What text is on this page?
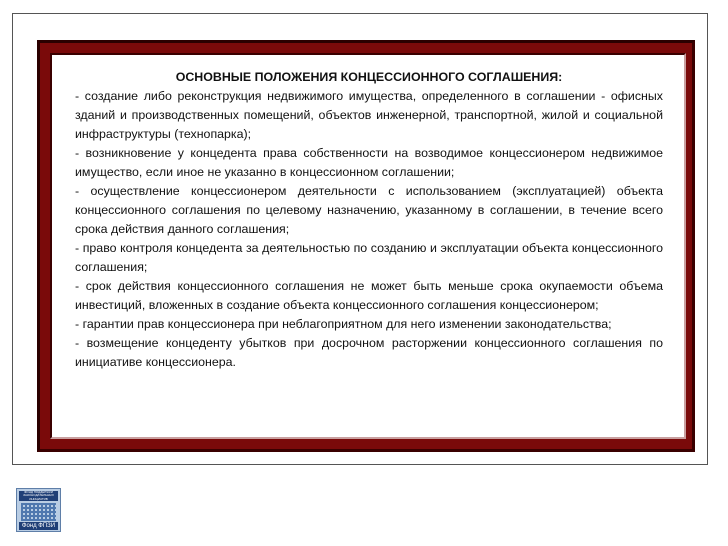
ОСНОВНЫЕ ПОЛОЖЕНИЯ КОНЦЕССИОННОГО СОГЛАШЕНИЯ:

- создание либо реконструкция недвижимого имущества, определенного в соглашении - офисных зданий и производственных помещений, объектов инженерной, транспортной, жилой и социальной инфраструктуры (технопарка);

- возникновение у концедента права собственности на возводимое концессионером недвижимое имущество, если иное не указанно в концессионном соглашении;

- осуществление концессионером деятельности с использованием (эксплуатацией) объекта концессионного соглашения по целевому назначению, указанному в соглашении, в течение всего срока действия данного соглашения;

- право контроля концедента за деятельностью по созданию и эксплуатации объекта концессионного соглашения;

- срок действия концессионного соглашения не может быть меньше срока окупаемости объема инвестиций, вложенных в создание объекта концессионного соглашения концессионером;

- гарантии прав концессионера при неблагоприятном для него изменении законодательства;

- возмещение концеденту убытков при досрочном расторжении концессионного соглашения по инициативе концессионера.

ФОНД ПОДДЕРЖКИ ЗАКОНОДАТЕЛЬНЫХ ИНИЦИАТИВ
Фонд ФПЗИ
